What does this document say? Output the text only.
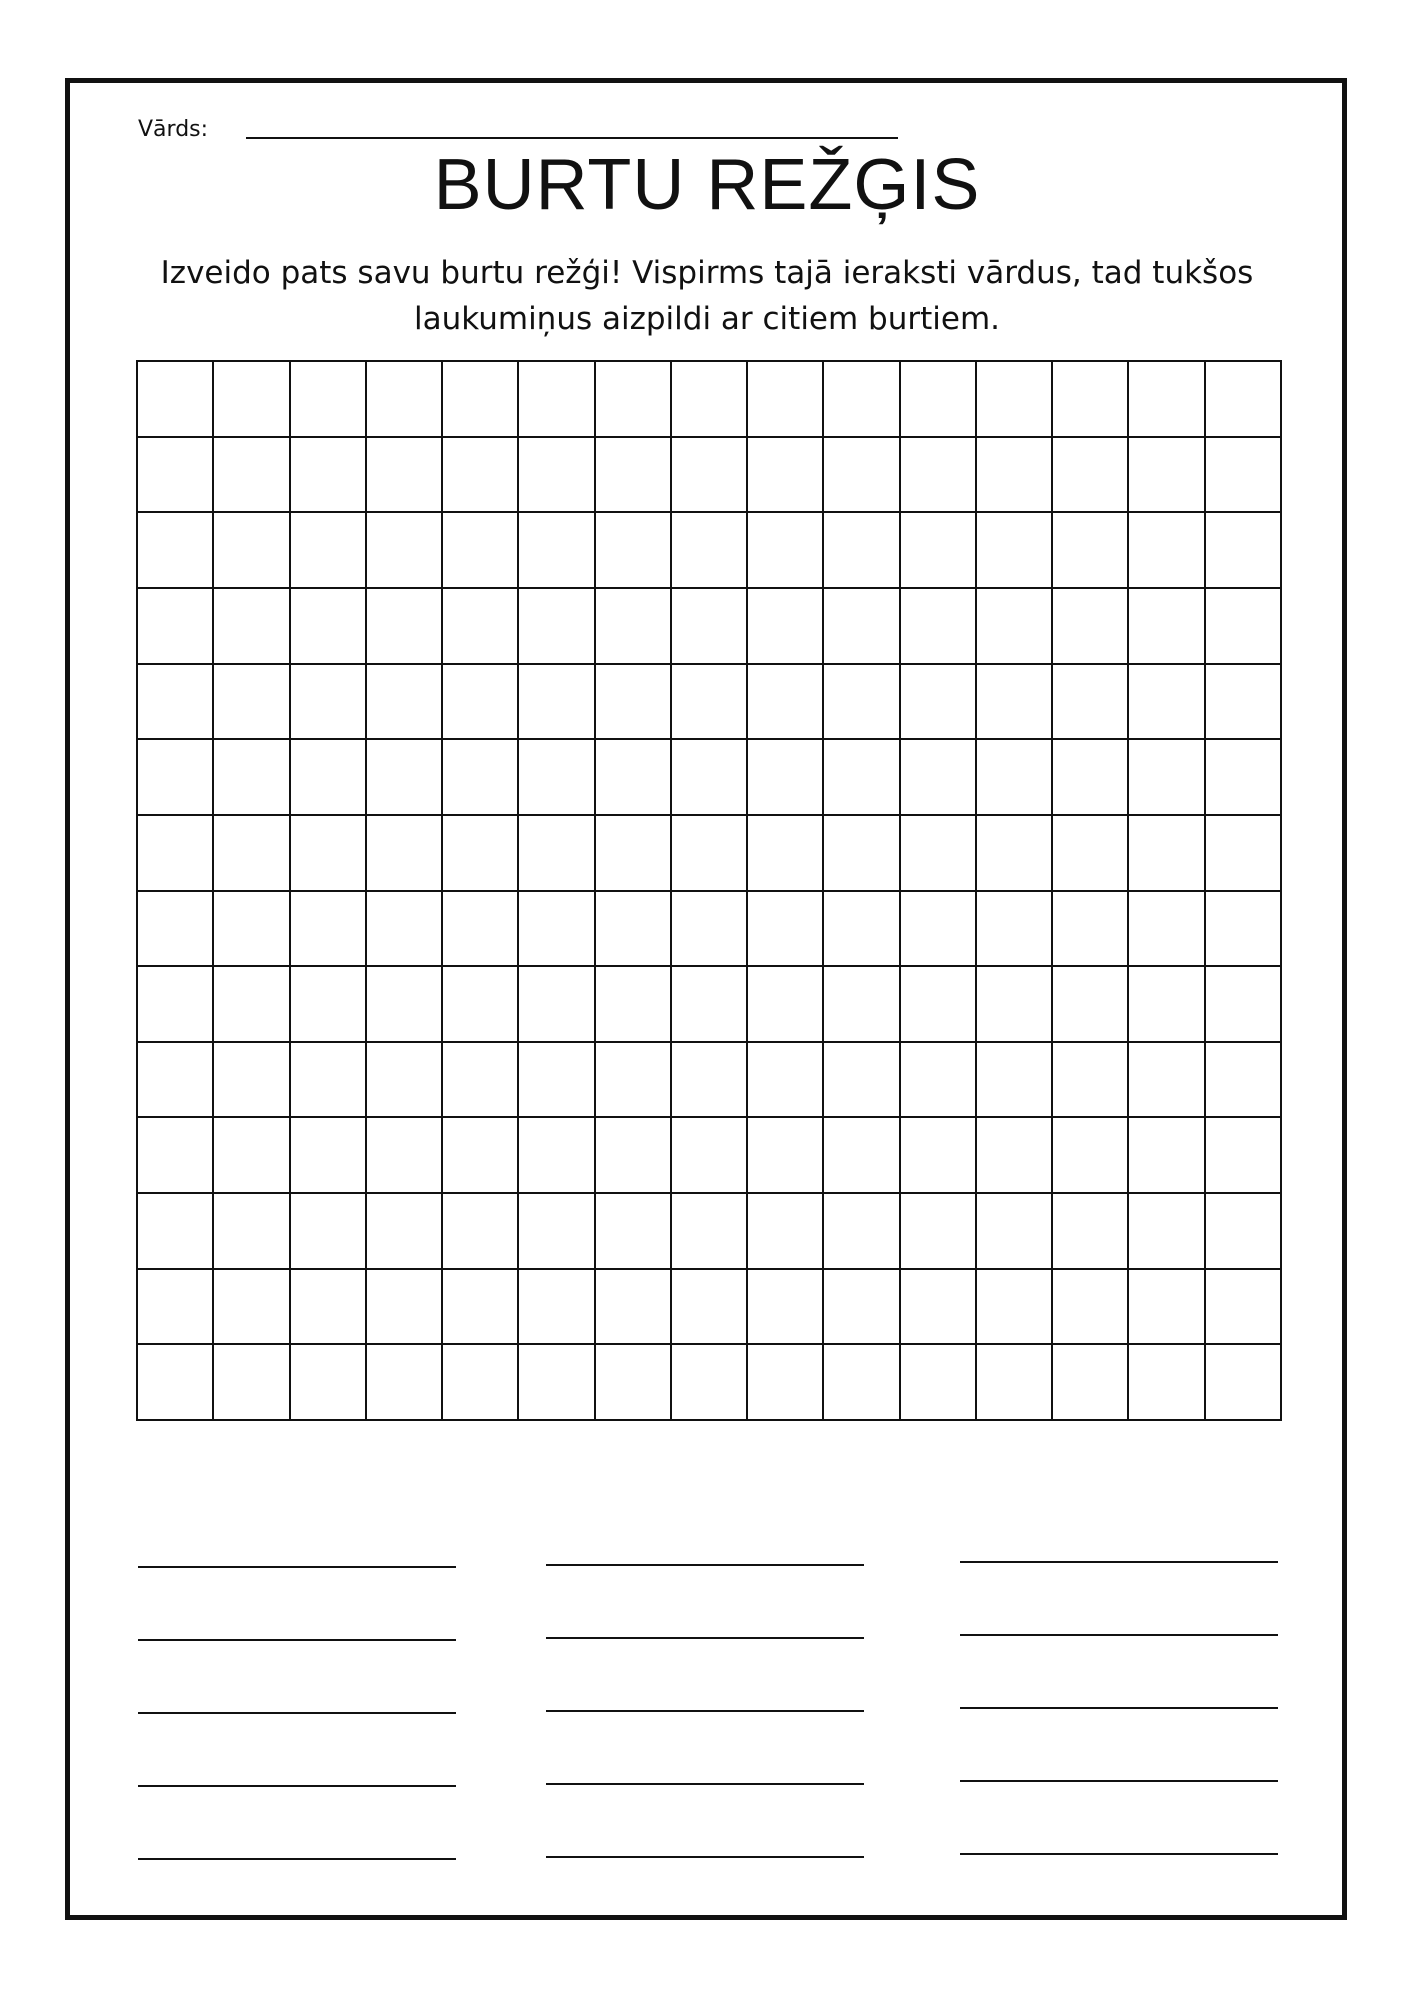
Vārds:
BURTU REŽĢIS

Izveido pats savu burtu režģi! Vispirms tajā ieraksti vārdus, tad tukšos laukumiņus aizpildi ar citiem burtiem.
